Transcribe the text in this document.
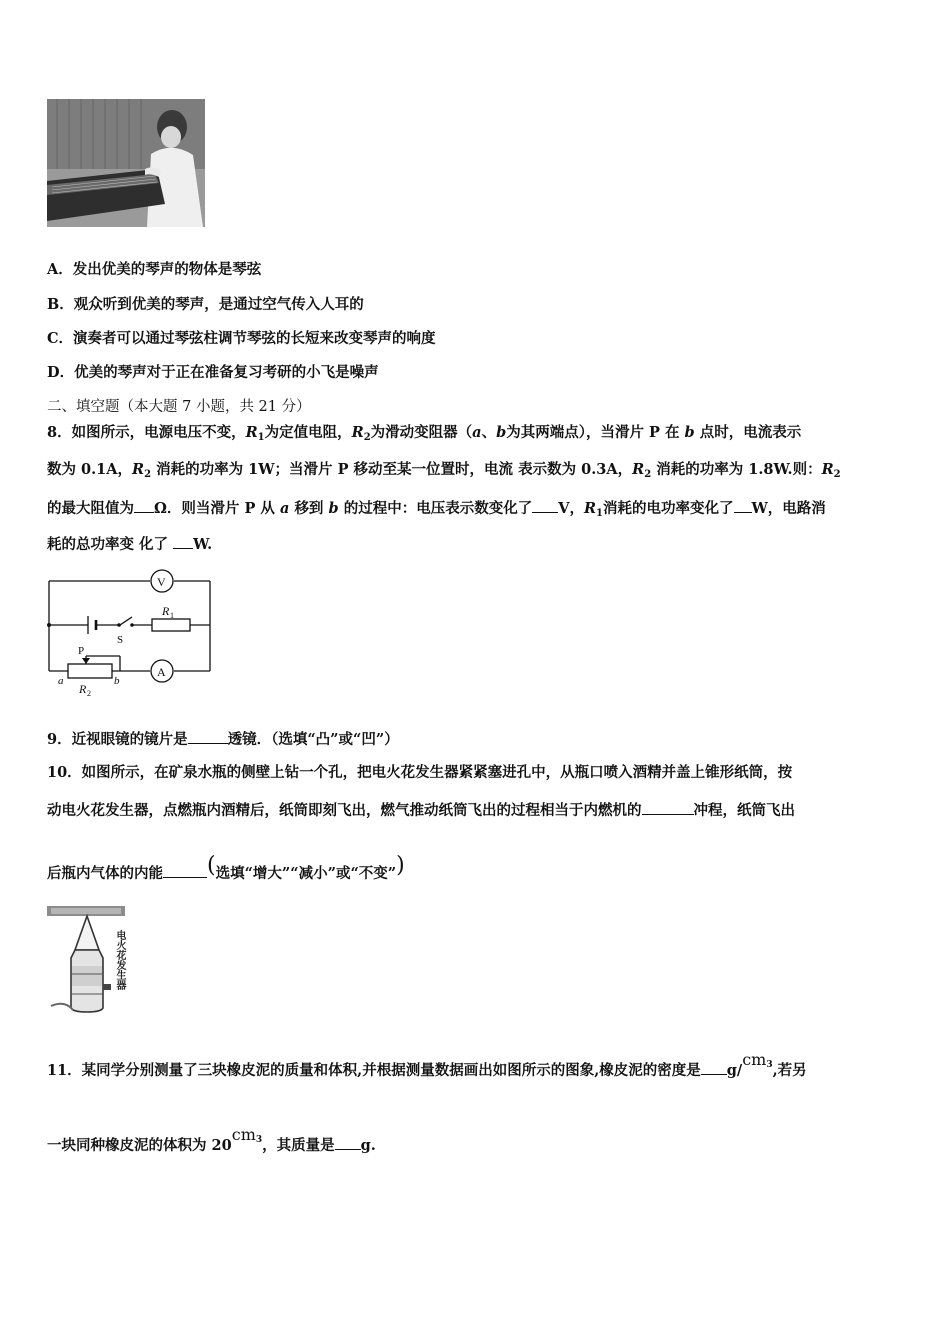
A．发出优美的琴声的物体是琴弦
B．观众听到优美的琴声，是通过空气传入人耳的
C．演奏者可以通过琴弦柱调节琴弦的长短来改变琴声的响度
D．优美的琴声对于正在准备复习考研的小飞是噪声
二、填空题（本大题 7 小题，共 21 分）
8．如图所示，电源电压不变，$R_1$为定值电阻，$R_2$为滑动变阻器（a、b为其两端点），当滑片 P 在 b 点时，电流表示
数为 0.1A，$R_2$ 消耗的功率为 1W；当滑片 P 移动至某一位置时，电流 表示数为 0.3A，$R_2$ 消耗的功率为 1.8W.则：$R_2$
的最大阻值为 Ω．则当滑片 P 从 a 移到 b 的过程中：电压表示数变化了 V，$R_1$消耗的电功率变化了 W，电路消
耗的总功率变 化了 W.
V
A
S
R 1
P
a	b
R 2
9．近视眼镜的镜片是	透镜．（选填“凸”或“凹”）
10．如图所示，在矿泉水瓶的侧壁上钻一个孔，把电火花发生器紧紧塞进孔中，从瓶口喷入酒精并盖上锥形纸筒，按
动电火花发生器，点燃瓶内酒精后，纸筒即刻飞出，燃气推动纸筒飞出的过程相当于内燃机的	冲程，纸筒飞出
后瓶内气体的内能 (选填“增大”“减小”或“不变”)
电火花发生器
11．某同学分别测量了三块橡皮泥的质量和体积,并根据测量数据画出如图所示的图象,橡皮泥的密度是 $g/cm^3$,若另
一块同种橡皮泥的体积为 $20cm^3$，其质量是 g.
